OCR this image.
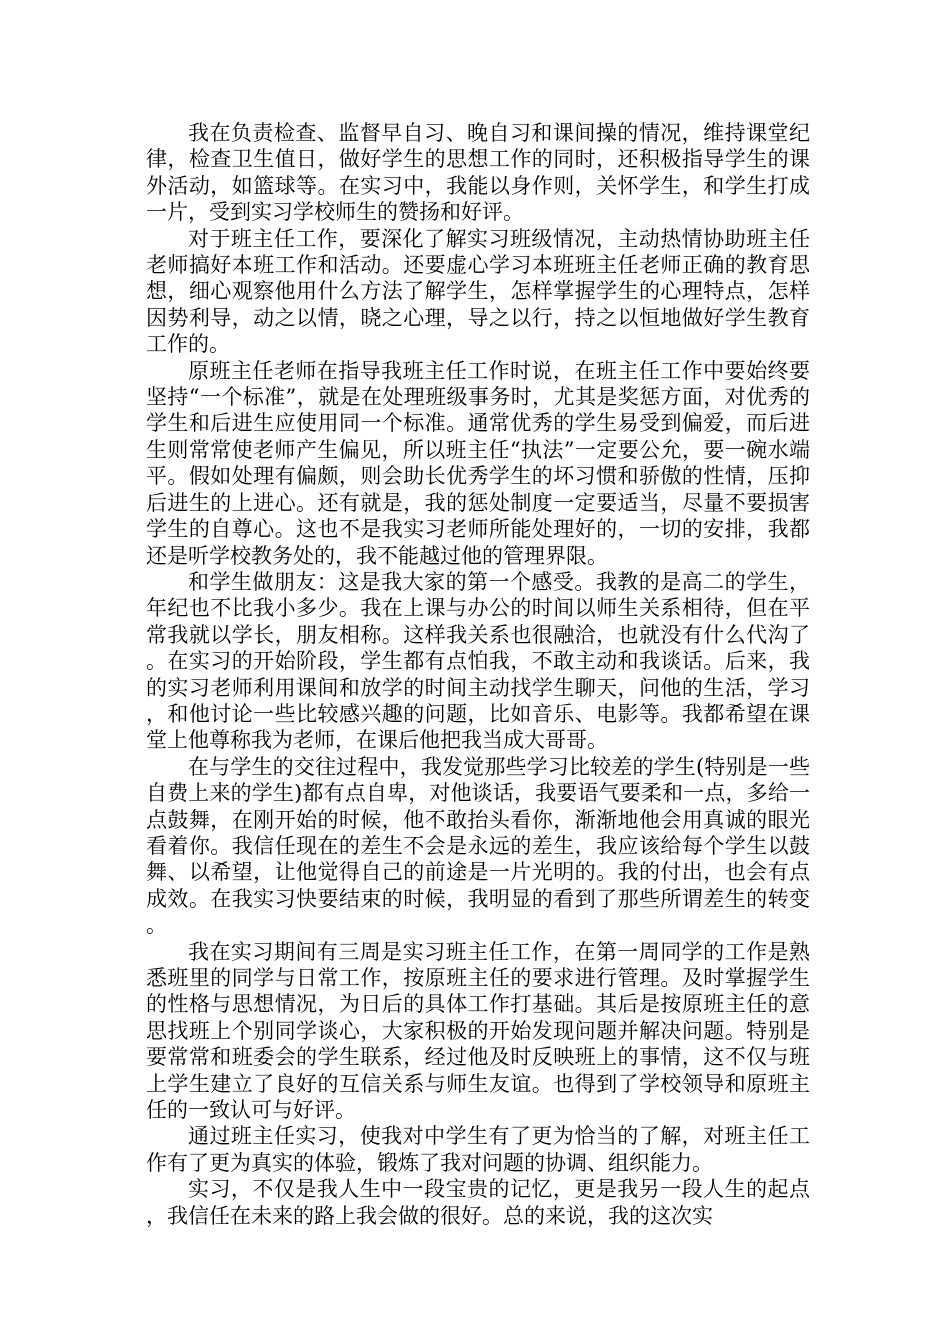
我在负责检查、监督早自习、晚自习和课间操的情况，维持课堂纪律，检查卫生值日，做好学生的思想工作的同时，还积极指导学生的课外活动，如篮球等。在实习中，我能以身作则，关怀学生，和学生打成一片，受到实习学校师生的赞扬和好评。

对于班主任工作，要深化了解实习班级情况，主动热情协助班主任老师搞好本班工作和活动。还要虚心学习本班班主任老师正确的教育思想，细心观察他用什么方法了解学生，怎样掌握学生的心理特点，怎样因势利导，动之以情，晓之心理，导之以行，持之以恒地做好学生教育工作的。

原班主任老师在指导我班主任工作时说，在班主任工作中要始终要坚持“一个标准”，就是在处理班级事务时，尤其是奖惩方面，对优秀的学生和后进生应使用同一个标准。通常优秀的学生易受到偏爱，而后进生则常常使老师产生偏见，所以班主任“执法”一定要公允，要一碗水端平。假如处理有偏颇，则会助长优秀学生的坏习惯和骄傲的性情，压抑后进生的上进心。还有就是，我的惩处制度一定要适当，尽量不要损害学生的自尊心。这也不是我实习老师所能处理好的，一切的安排，我都还是听学校教务处的，我不能越过他的管理界限。

和学生做朋友：这是我大家的第一个感受。我教的是高二的学生，年纪也不比我小多少。我在上课与办公的时间以师生关系相待，但在平常我就以学长，朋友相称。这样我关系也很融洽，也就没有什么代沟了。在实习的开始阶段，学生都有点怕我，不敢主动和我谈话。后来，我的实习老师利用课间和放学的时间主动找学生聊天，问他的生活，学习，和他讨论一些比较感兴趣的问题，比如音乐、电影等。我都希望在课堂上他尊称我为老师，在课后他把我当成大哥哥。

在与学生的交往过程中，我发觉那些学习比较差的学生(特别是一些自费上来的学生)都有点自卑，对他谈话，我要语气要柔和一点，多给一点鼓舞，在刚开始的时候，他不敢抬头看你，渐渐地他会用真诚的眼光看着你。我信任现在的差生不会是永远的差生，我应该给每个学生以鼓舞、以希望，让他觉得自己的前途是一片光明的。我的付出，也会有点成效。在我实习快要结束的时候，我明显的看到了那些所谓差生的转变。

我在实习期间有三周是实习班主任工作，在第一周同学的工作是熟悉班里的同学与日常工作，按原班主任的要求进行管理。及时掌握学生的性格与思想情况，为日后的具体工作打基础。其后是按原班主任的意思找班上个别同学谈心，大家积极的开始发现问题并解决问题。特别是要常常和班委会的学生联系，经过他及时反映班上的事情，这不仅与班上学生建立了良好的互信关系与师生友谊。也得到了学校领导和原班主任的一致认可与好评。

通过班主任实习，使我对中学生有了更为恰当的了解，对班主任工作有了更为真实的体验，锻炼了我对问题的协调、组织能力。

实习，不仅是我人生中一段宝贵的记忆，更是我另一段人生的起点，我信任在未来的路上我会做的很好。总的来说，我的这次实
